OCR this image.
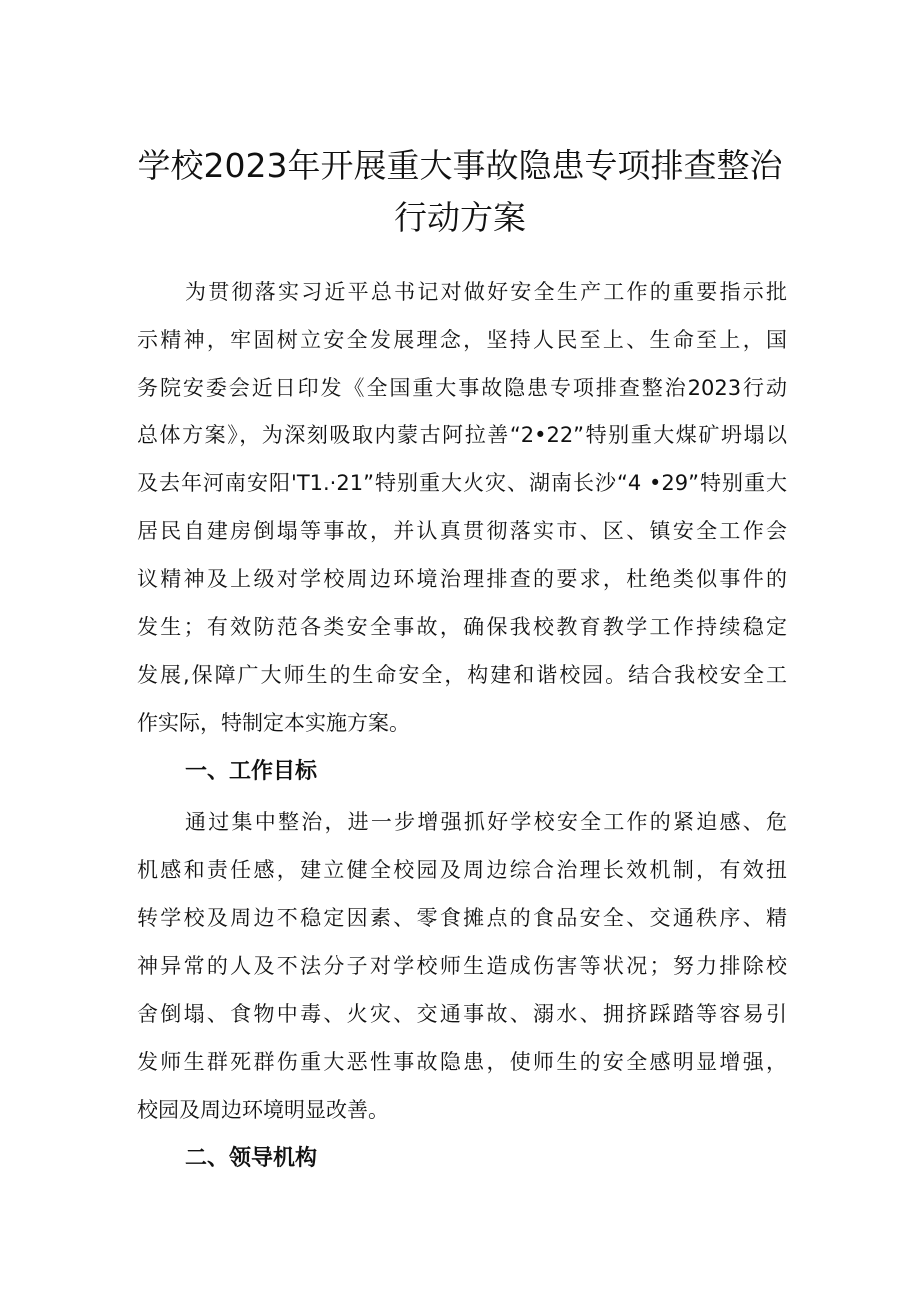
学校2023年开展重大事故隐患专项排查整治
行动方案
为贯彻落实习近平总书记对做好安全生产工作的重要指示批
示精神，牢固树立安全发展理念，坚持人民至上、生命至上，国
务院安委会近日印发《全国重大事故隐患专项排查整治2023行动
总体方案》，为深刻吸取内蒙古阿拉善“2•22”特别重大煤矿坍塌以
及去年河南安阳'T1.·21”特别重大火灾、湖南长沙“4 •29”特别重大
居民自建房倒塌等事故，并认真贯彻落实市、区、镇安全工作会
议精神及上级对学校周边环境治理排查的要求，杜绝类似事件的
发生；有效防范各类安全事故，确保我校教育教学工作持续稳定
发展,保障广大师生的生命安全，构建和谐校园。结合我校安全工
作实际，特制定本实施方案。
一、工作目标
通过集中整治，进一步增强抓好学校安全工作的紧迫感、危
机感和责任感，建立健全校园及周边综合治理长效机制，有效扭
转学校及周边不稳定因素、零食摊点的食品安全、交通秩序、精
神异常的人及不法分子对学校师生造成伤害等状况；努力排除校
舍倒塌、食物中毒、火灾、交通事故、溺水、拥挤踩踏等容易引
发师生群死群伤重大恶性事故隐患，使师生的安全感明显增强，
校园及周边环境明显改善。
二、领导机构
